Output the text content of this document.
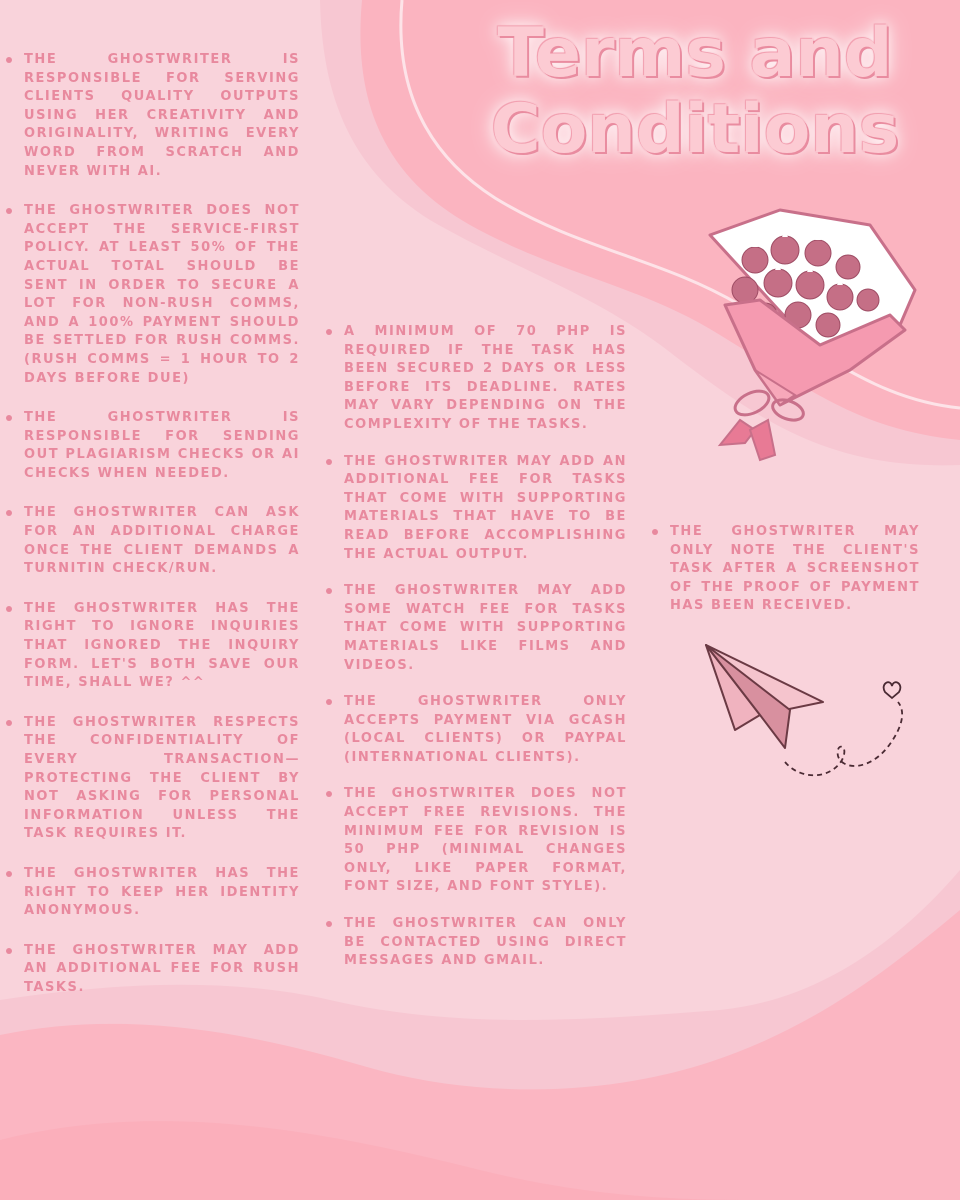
Terms and
Conditions
THE GHOSTWRITER IS RESPONSIBLE FOR SERVING CLIENTS QUALITY OUTPUTS USING HER CREATIVITY AND ORIGINALITY, WRITING EVERY WORD FROM SCRATCH AND NEVER WITH AI.
THE GHOSTWRITER DOES NOT ACCEPT THE SERVICE-FIRST POLICY. AT LEAST 50% OF THE ACTUAL TOTAL SHOULD BE SENT IN ORDER TO SECURE A LOT FOR NON-RUSH COMMS, AND A 100% PAYMENT SHOULD BE SETTLED FOR RUSH COMMS. (RUSH COMMS = 1 HOUR TO 2 DAYS BEFORE DUE)
THE GHOSTWRITER IS RESPONSIBLE FOR SENDING OUT PLAGIARISM CHECKS OR AI CHECKS WHEN NEEDED.
THE GHOSTWRITER CAN ASK FOR AN ADDITIONAL CHARGE ONCE THE CLIENT DEMANDS A TURNITIN CHECK/RUN.
THE GHOSTWRITER HAS THE RIGHT TO IGNORE INQUIRIES THAT IGNORED THE INQUIRY FORM. LET'S BOTH SAVE OUR TIME, SHALL WE? ^^
THE GHOSTWRITER RESPECTS THE CONFIDENTIALITY OF EVERY TRANSACTION—PROTECTING THE CLIENT BY NOT ASKING FOR PERSONAL INFORMATION UNLESS THE TASK REQUIRES IT.
THE GHOSTWRITER HAS THE RIGHT TO KEEP HER IDENTITY ANONYMOUS.
THE GHOSTWRITER MAY ADD AN ADDITIONAL FEE FOR RUSH TASKS.
A MINIMUM OF 70 PHP IS REQUIRED IF THE TASK HAS BEEN SECURED 2 DAYS OR LESS BEFORE ITS DEADLINE. RATES MAY VARY DEPENDING ON THE COMPLEXITY OF THE TASKS.
THE GHOSTWRITER MAY ADD AN ADDITIONAL FEE FOR TASKS THAT COME WITH SUPPORTING MATERIALS THAT HAVE TO BE READ BEFORE ACCOMPLISHING THE ACTUAL OUTPUT.
THE GHOSTWRITER MAY ADD SOME WATCH FEE FOR TASKS THAT COME WITH SUPPORTING MATERIALS LIKE FILMS AND VIDEOS.
THE GHOSTWRITER ONLY ACCEPTS PAYMENT VIA GCASH (LOCAL CLIENTS) OR PAYPAL (INTERNATIONAL CLIENTS).
THE GHOSTWRITER DOES NOT ACCEPT FREE REVISIONS. THE MINIMUM FEE FOR REVISION IS 50 PHP (MINIMAL CHANGES ONLY, LIKE PAPER FORMAT, FONT SIZE, AND FONT STYLE).
THE GHOSTWRITER CAN ONLY BE CONTACTED USING DIRECT MESSAGES AND GMAIL.
THE GHOSTWRITER MAY ONLY NOTE THE CLIENT'S TASK AFTER A SCREENSHOT OF THE PROOF OF PAYMENT HAS BEEN RECEIVED.
